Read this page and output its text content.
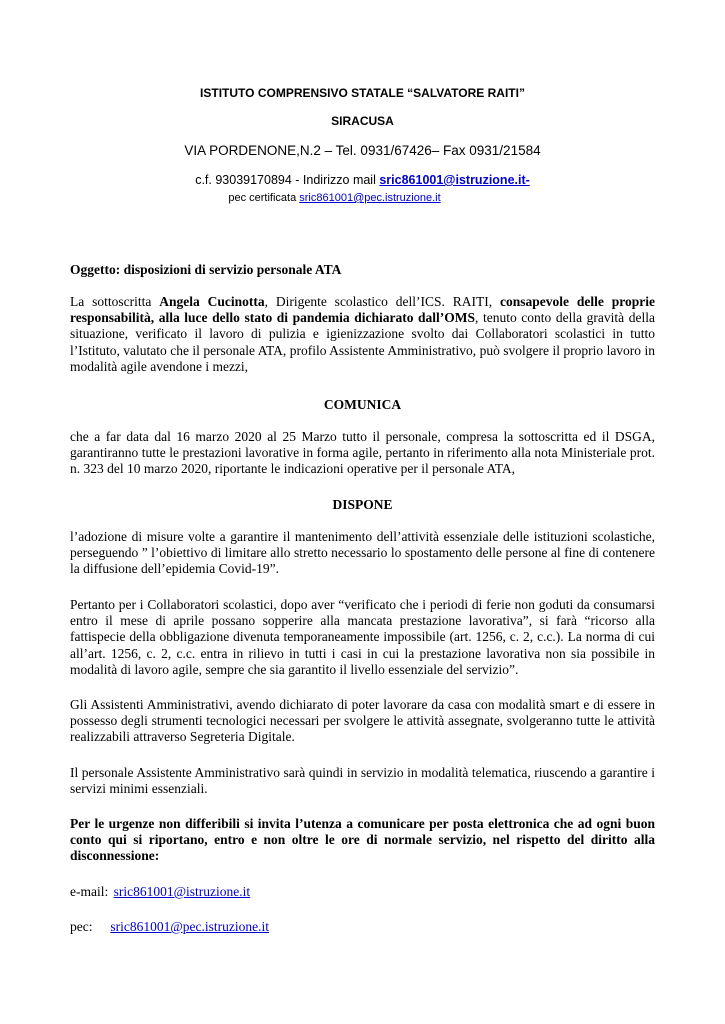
ISTITUTO COMPRENSIVO STATALE “SALVATORE RAITI”
SIRACUSA
VIA PORDENONE,N.2 – Tel. 0931/67426– Fax 0931/21584
c.f. 93039170894 - Indirizzo mail sric861001@istruzione.it-
pec certificata sric861001@pec.istruzione.it
Oggetto: disposizioni di servizio personale ATA
La sottoscritta Angela Cucinotta, Dirigente scolastico dell’ICS. RAITI, consapevole delle proprie responsabilità, alla luce dello stato di pandemia dichiarato dall’OMS, tenuto conto della gravità della situazione, verificato il lavoro di pulizia e igienizzazione svolto dai Collaboratori scolastici in tutto l’Istituto, valutato che il personale ATA, profilo Assistente Amministrativo, può svolgere il proprio lavoro in modalità agile avendone i mezzi,
COMUNICA
che a far data dal 16 marzo 2020 al 25 Marzo tutto il personale, compresa la sottoscritta ed il DSGA, garantiranno tutte le prestazioni lavorative in forma agile, pertanto in riferimento alla nota Ministeriale prot. n. 323 del 10 marzo 2020, riportante le indicazioni operative per il personale ATA,
DISPONE
l’adozione di misure volte a garantire il mantenimento dell’attività essenziale delle istituzioni scolastiche, perseguendo ” l’obiettivo di limitare allo stretto necessario lo spostamento delle persone al fine di contenere la diffusione dell’epidemia Covid-19”.
Pertanto per i Collaboratori scolastici, dopo aver “verificato che i periodi di ferie non goduti da consumarsi entro il mese di aprile possano sopperire alla mancata prestazione lavorativa”, si farà “ricorso alla fattispecie della obbligazione divenuta temporaneamente impossibile (art. 1256, c. 2, c.c.). La norma di cui all’art. 1256, c. 2, c.c. entra in rilievo in tutti i casi in cui la prestazione lavorativa non sia possibile in modalità di lavoro agile, sempre che sia garantito il livello essenziale del servizio”.
Gli Assistenti Amministrativi, avendo dichiarato di poter lavorare da casa con modalità smart e di essere in possesso degli strumenti tecnologici necessari per svolgere le attività assegnate, svolgeranno tutte le attività realizzabili attraverso Segreteria Digitale.
Il personale Assistente Amministrativo sarà quindi in servizio in modalità telematica, riuscendo a garantire i servizi minimi essenziali.
Per le urgenze non differibili si invita l’utenza a comunicare per posta elettronica che ad ogni buon conto qui si riportano, entro e non oltre le ore di normale servizio, nel rispetto del diritto alla disconnessione:
e-mail: sric861001@istruzione.it
pec: sric861001@pec.istruzione.it
